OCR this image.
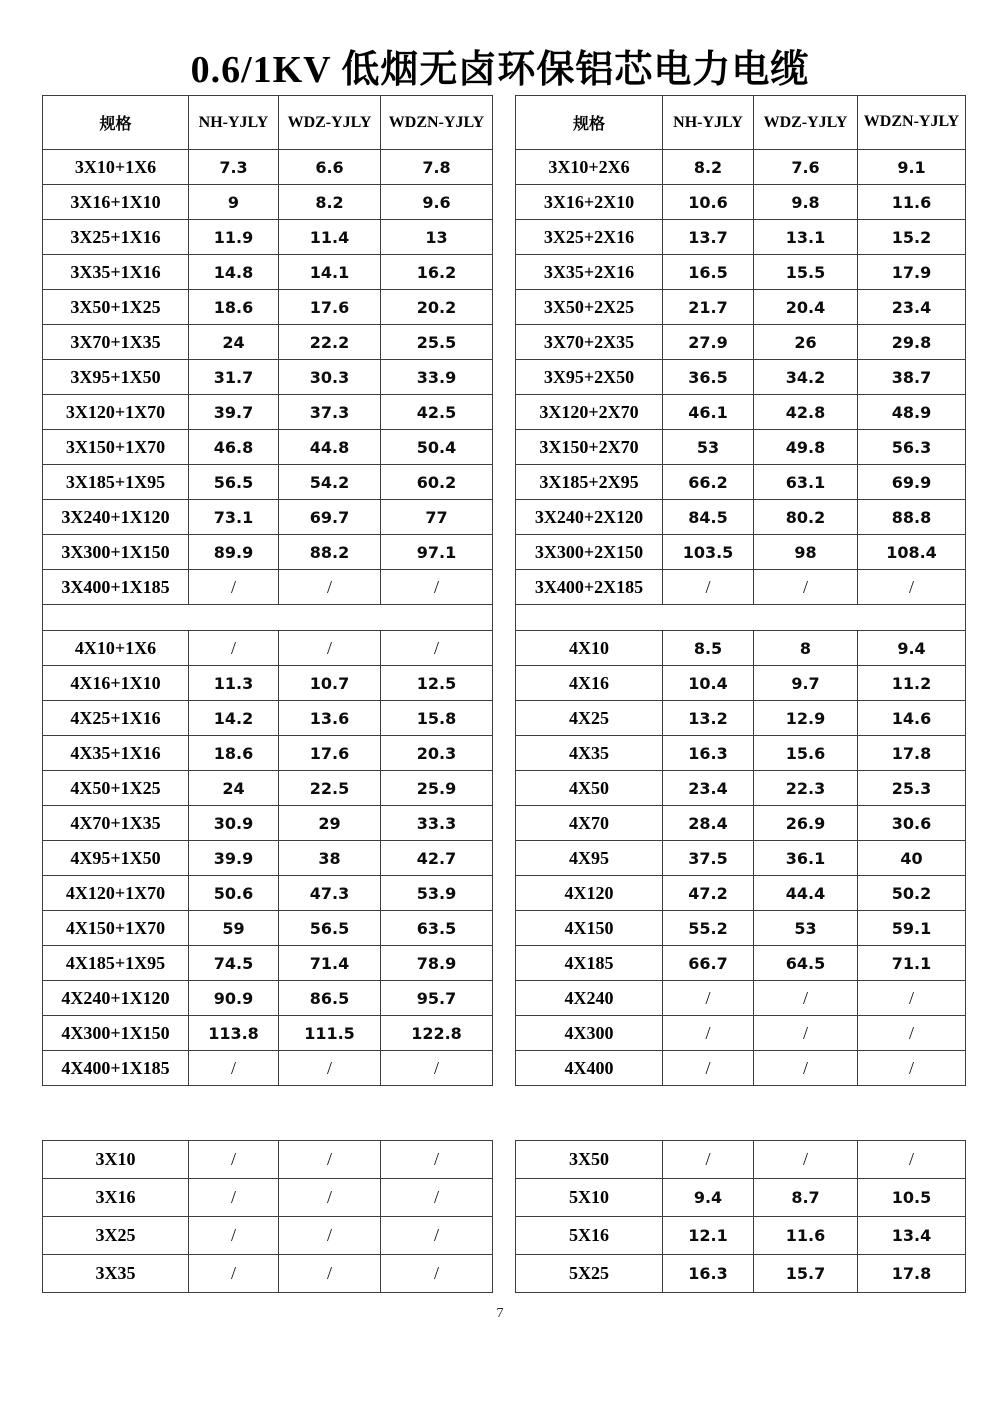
0.6/1KV 低烟无卤环保铝芯电力电缆
规格	NH-YJLY	WDZ-YJLY	WDZN-YJLY
3X10+1X6	7.3	6.6	7.8
3X16+1X10	9	8.2	9.6
3X25+1X16	11.9	11.4	13
3X35+1X16	14.8	14.1	16.2
3X50+1X25	18.6	17.6	20.2
3X70+1X35	24	22.2	25.5
3X95+1X50	31.7	30.3	33.9
3X120+1X70	39.7	37.3	42.5
3X150+1X70	46.8	44.8	50.4
3X185+1X95	56.5	54.2	60.2
3X240+1X120	73.1	69.7	77
3X300+1X150	89.9	88.2	97.1
3X400+1X185	/	/	/

4X10+1X6	/	/	/
4X16+1X10	11.3	10.7	12.5
4X25+1X16	14.2	13.6	15.8
4X35+1X16	18.6	17.6	20.3
4X50+1X25	24	22.5	25.9
4X70+1X35	30.9	29	33.3
4X95+1X50	39.9	38	42.7
4X120+1X70	50.6	47.3	53.9
4X150+1X70	59	56.5	63.5
4X185+1X95	74.5	71.4	78.9
4X240+1X120	90.9	86.5	95.7
4X300+1X150	113.8	111.5	122.8
4X400+1X185	/	/	/
规格	NH-YJLY	WDZ-YJLY	WDZN-YJLY
3X10+2X6	8.2	7.6	9.1
3X16+2X10	10.6	9.8	11.6
3X25+2X16	13.7	13.1	15.2
3X35+2X16	16.5	15.5	17.9
3X50+2X25	21.7	20.4	23.4
3X70+2X35	27.9	26	29.8
3X95+2X50	36.5	34.2	38.7
3X120+2X70	46.1	42.8	48.9
3X150+2X70	53	49.8	56.3
3X185+2X95	66.2	63.1	69.9
3X240+2X120	84.5	80.2	88.8
3X300+2X150	103.5	98	108.4
3X400+2X185	/	/	/

4X10	8.5	8	9.4
4X16	10.4	9.7	11.2
4X25	13.2	12.9	14.6
4X35	16.3	15.6	17.8
4X50	23.4	22.3	25.3
4X70	28.4	26.9	30.6
4X95	37.5	36.1	40
4X120	47.2	44.4	50.2
4X150	55.2	53	59.1
4X185	66.7	64.5	71.1
4X240	/	/	/
4X300	/	/	/
4X400	/	/	/
3X10	/	/	/
3X16	/	/	/
3X25	/	/	/
3X35	/	/	/
3X50	/	/	/
5X10	9.4	8.7	10.5
5X16	12.1	11.6	13.4
5X25	16.3	15.7	17.8
7
